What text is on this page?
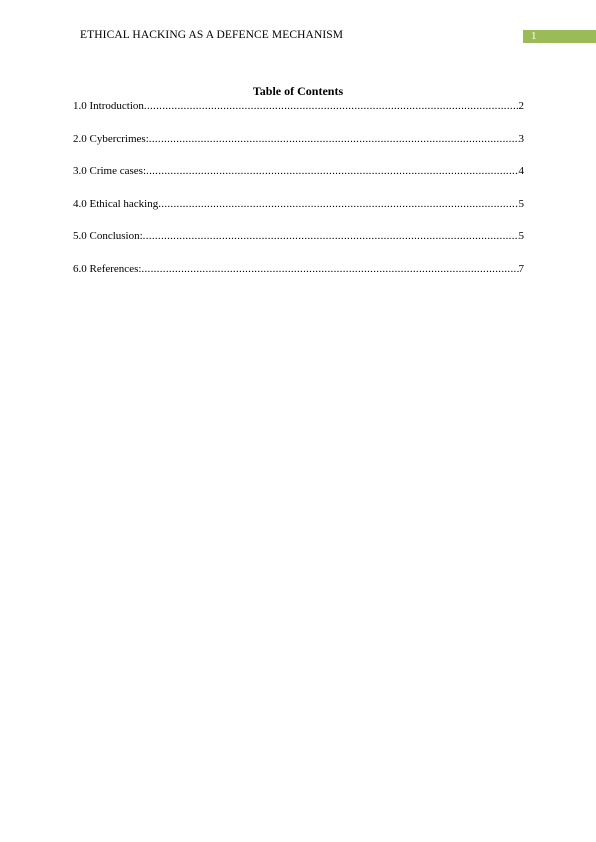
ETHICAL HACKING AS A DEFENCE MECHANISM	1
Table of Contents
1.0 Introduction .....	2
2.0 Cybercrimes: .....	3
3.0 Crime cases: .....	4
4.0 Ethical hacking .....	5
5.0 Conclusion: .....	5
6.0 References: .....	7
